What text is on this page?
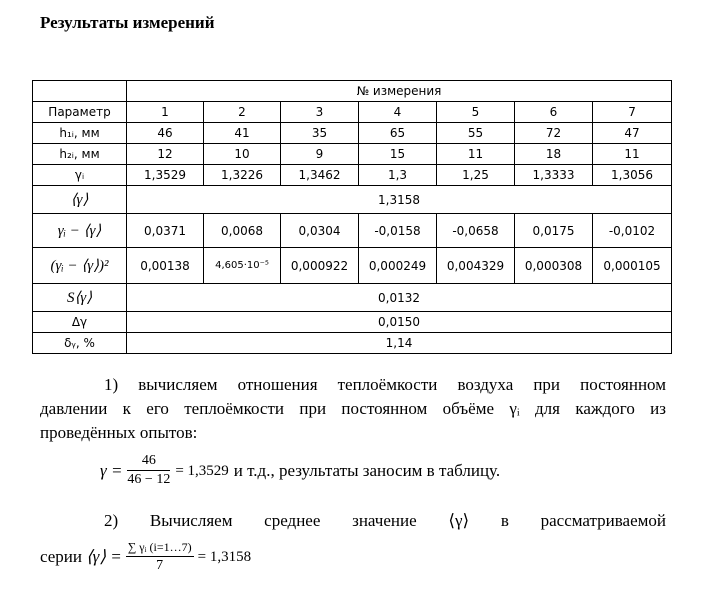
Результаты измерений
	№ измерения						
Параметр	1	2	3	4	5	6	7
h₁ᵢ, мм	46	41	35	65	55	72	47
h₂ᵢ, мм	12	10	9	15	11	18	11
γᵢ	1,3529	1,3226	1,3462	1,3	1,25	1,3333	1,3056
⟨γ⟩	1,3158						
γᵢ − ⟨γ⟩	0,0371	0,0068	0,0304	-0,0158	-0,0658	0,0175	-0,0102
(γᵢ − ⟨γ⟩)²	0,00138	4,605·10⁻⁵	0,000922	0,000249	0,004329	0,000308	0,000105
S⟨γ⟩	0,0132						
Δγ	0,0150						
δᵧ, %	1,14						
1) вычисляем отношения теплоёмкости воздуха при постоянном
давлении к его теплоёмкости при постоянном объёме γᵢ для каждого из
проведённых опытов:
$\gamma = \frac{46}{46 - 12} = 1,3529$ и т.д., результаты заносим в таблицу.
2) Вычисляем среднее значение ⟨γ⟩ в рассматриваемой
серии ⟨γ⟩ = $\frac{\text{∑ γᵢ (i=1…7)}}{7} = 1,3158$
